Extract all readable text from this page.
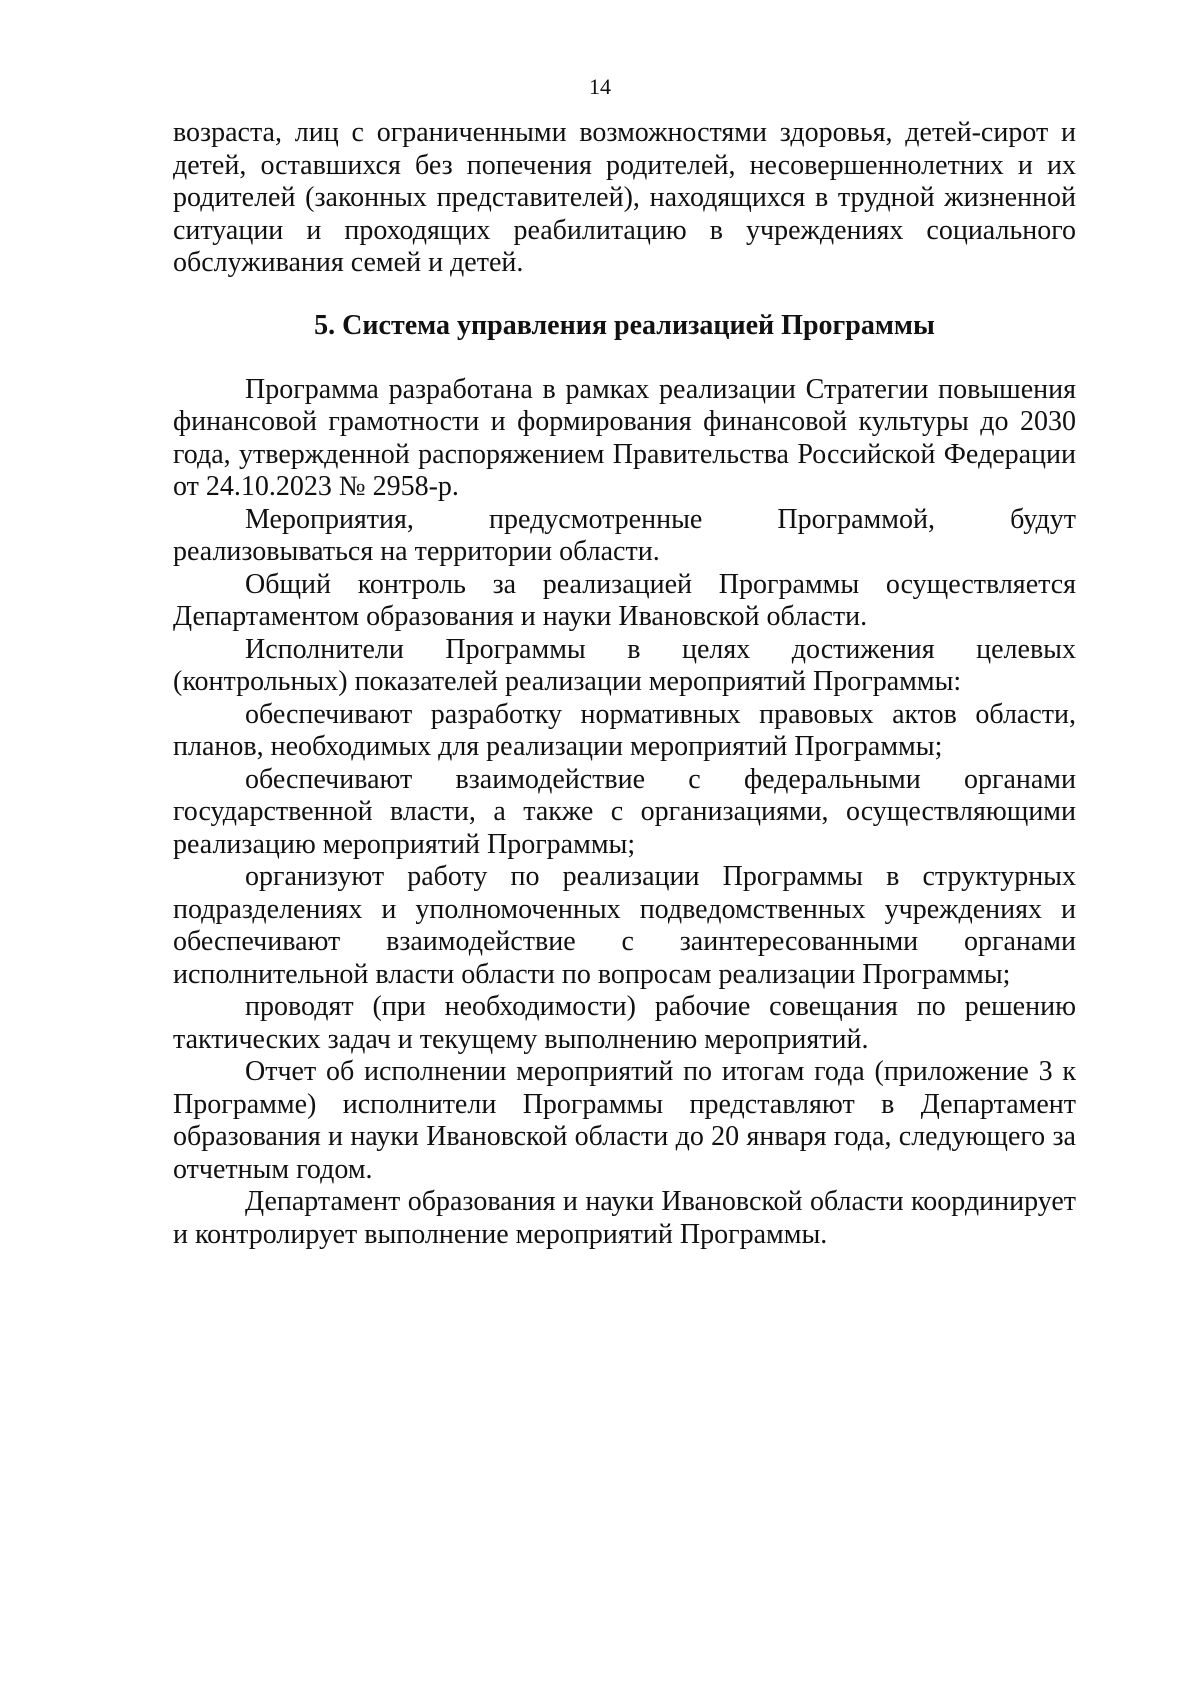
14

возраста, лиц с ограниченными возможностями здоровья, детей-сирот и детей, оставшихся без попечения родителей, несовершеннолетних и их родителей (законных представителей), находящихся в трудной жизненной ситуации и проходящих реабилитацию в учреждениях социального обслуживания семей и детей.

5. Система управления реализацией Программы

Программа разработана в рамках реализации Стратегии повышения финансовой грамотности и формирования финансовой культуры до 2030 года, утвержденной распоряжением Правительства Российской Федерации от 24.10.2023 № 2958-р.

Мероприятия, предусмотренные Программой, будут реализовываться на территории области.

Общий контроль за реализацией Программы осуществляется Департаментом образования и науки Ивановской области.

Исполнители Программы в целях достижения целевых (контрольных) показателей реализации мероприятий Программы:

обеспечивают разработку нормативных правовых актов области, планов, необходимых для реализации мероприятий Программы;

обеспечивают взаимодействие с федеральными органами государственной власти, а также с организациями, осуществляющими реализацию мероприятий Программы;

организуют работу по реализации Программы в структурных подразделениях и уполномоченных подведомственных учреждениях и обеспечивают взаимодействие с заинтересованными органами исполнительной власти области по вопросам реализации Программы;

проводят (при необходимости) рабочие совещания по решению тактических задач и текущему выполнению мероприятий.

Отчет об исполнении мероприятий по итогам года (приложение 3 к Программе) исполнители Программы представляют в Департамент образования и науки Ивановской области до 20 января года, следующего за отчетным годом.

Департамент образования и науки Ивановской области координирует и контролирует выполнение мероприятий Программы.
